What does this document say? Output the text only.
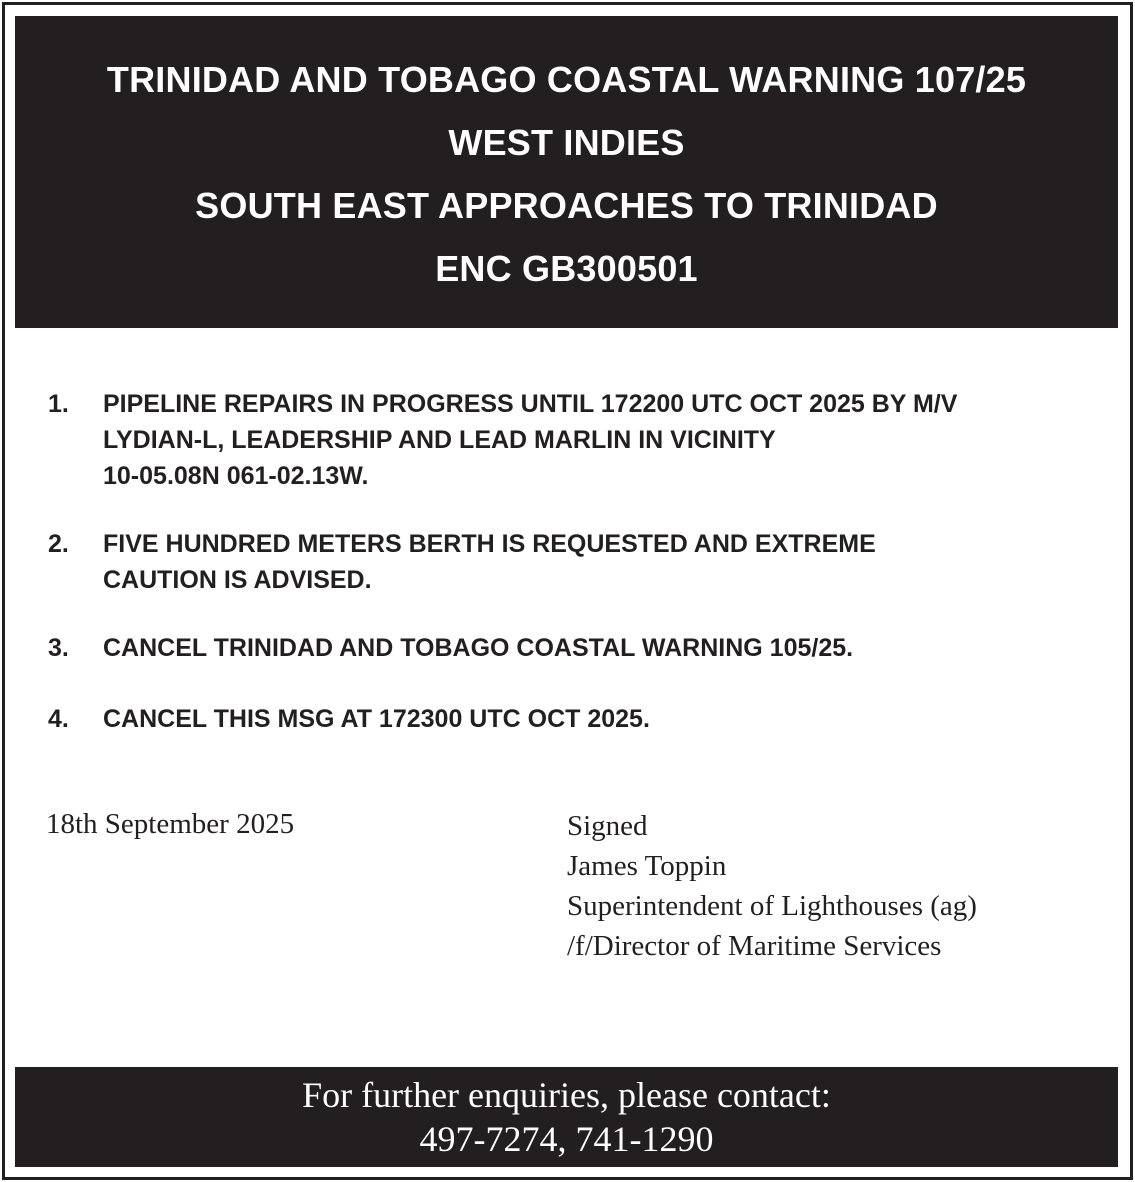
TRINIDAD AND TOBAGO COASTAL WARNING 107/25
WEST INDIES
SOUTH EAST APPROACHES TO TRINIDAD
ENC GB300501
1.	PIPELINE REPAIRS IN PROGRESS UNTIL 172200 UTC OCT 2025 BY M/V
LYDIAN-L, LEADERSHIP AND LEAD MARLIN IN VICINITY
10-05.08N 061-02.13W.
2.	FIVE HUNDRED METERS BERTH IS REQUESTED AND EXTREME
CAUTION IS ADVISED.
3.	CANCEL TRINIDAD AND TOBAGO COASTAL WARNING 105/25.
4.	CANCEL THIS MSG AT 172300 UTC OCT 2025.
18th September 2025	Signed
James Toppin
Superintendent of Lighthouses (ag)
/f/Director of Maritime Services
For further enquiries, please contact:
497-7274, 741-1290
